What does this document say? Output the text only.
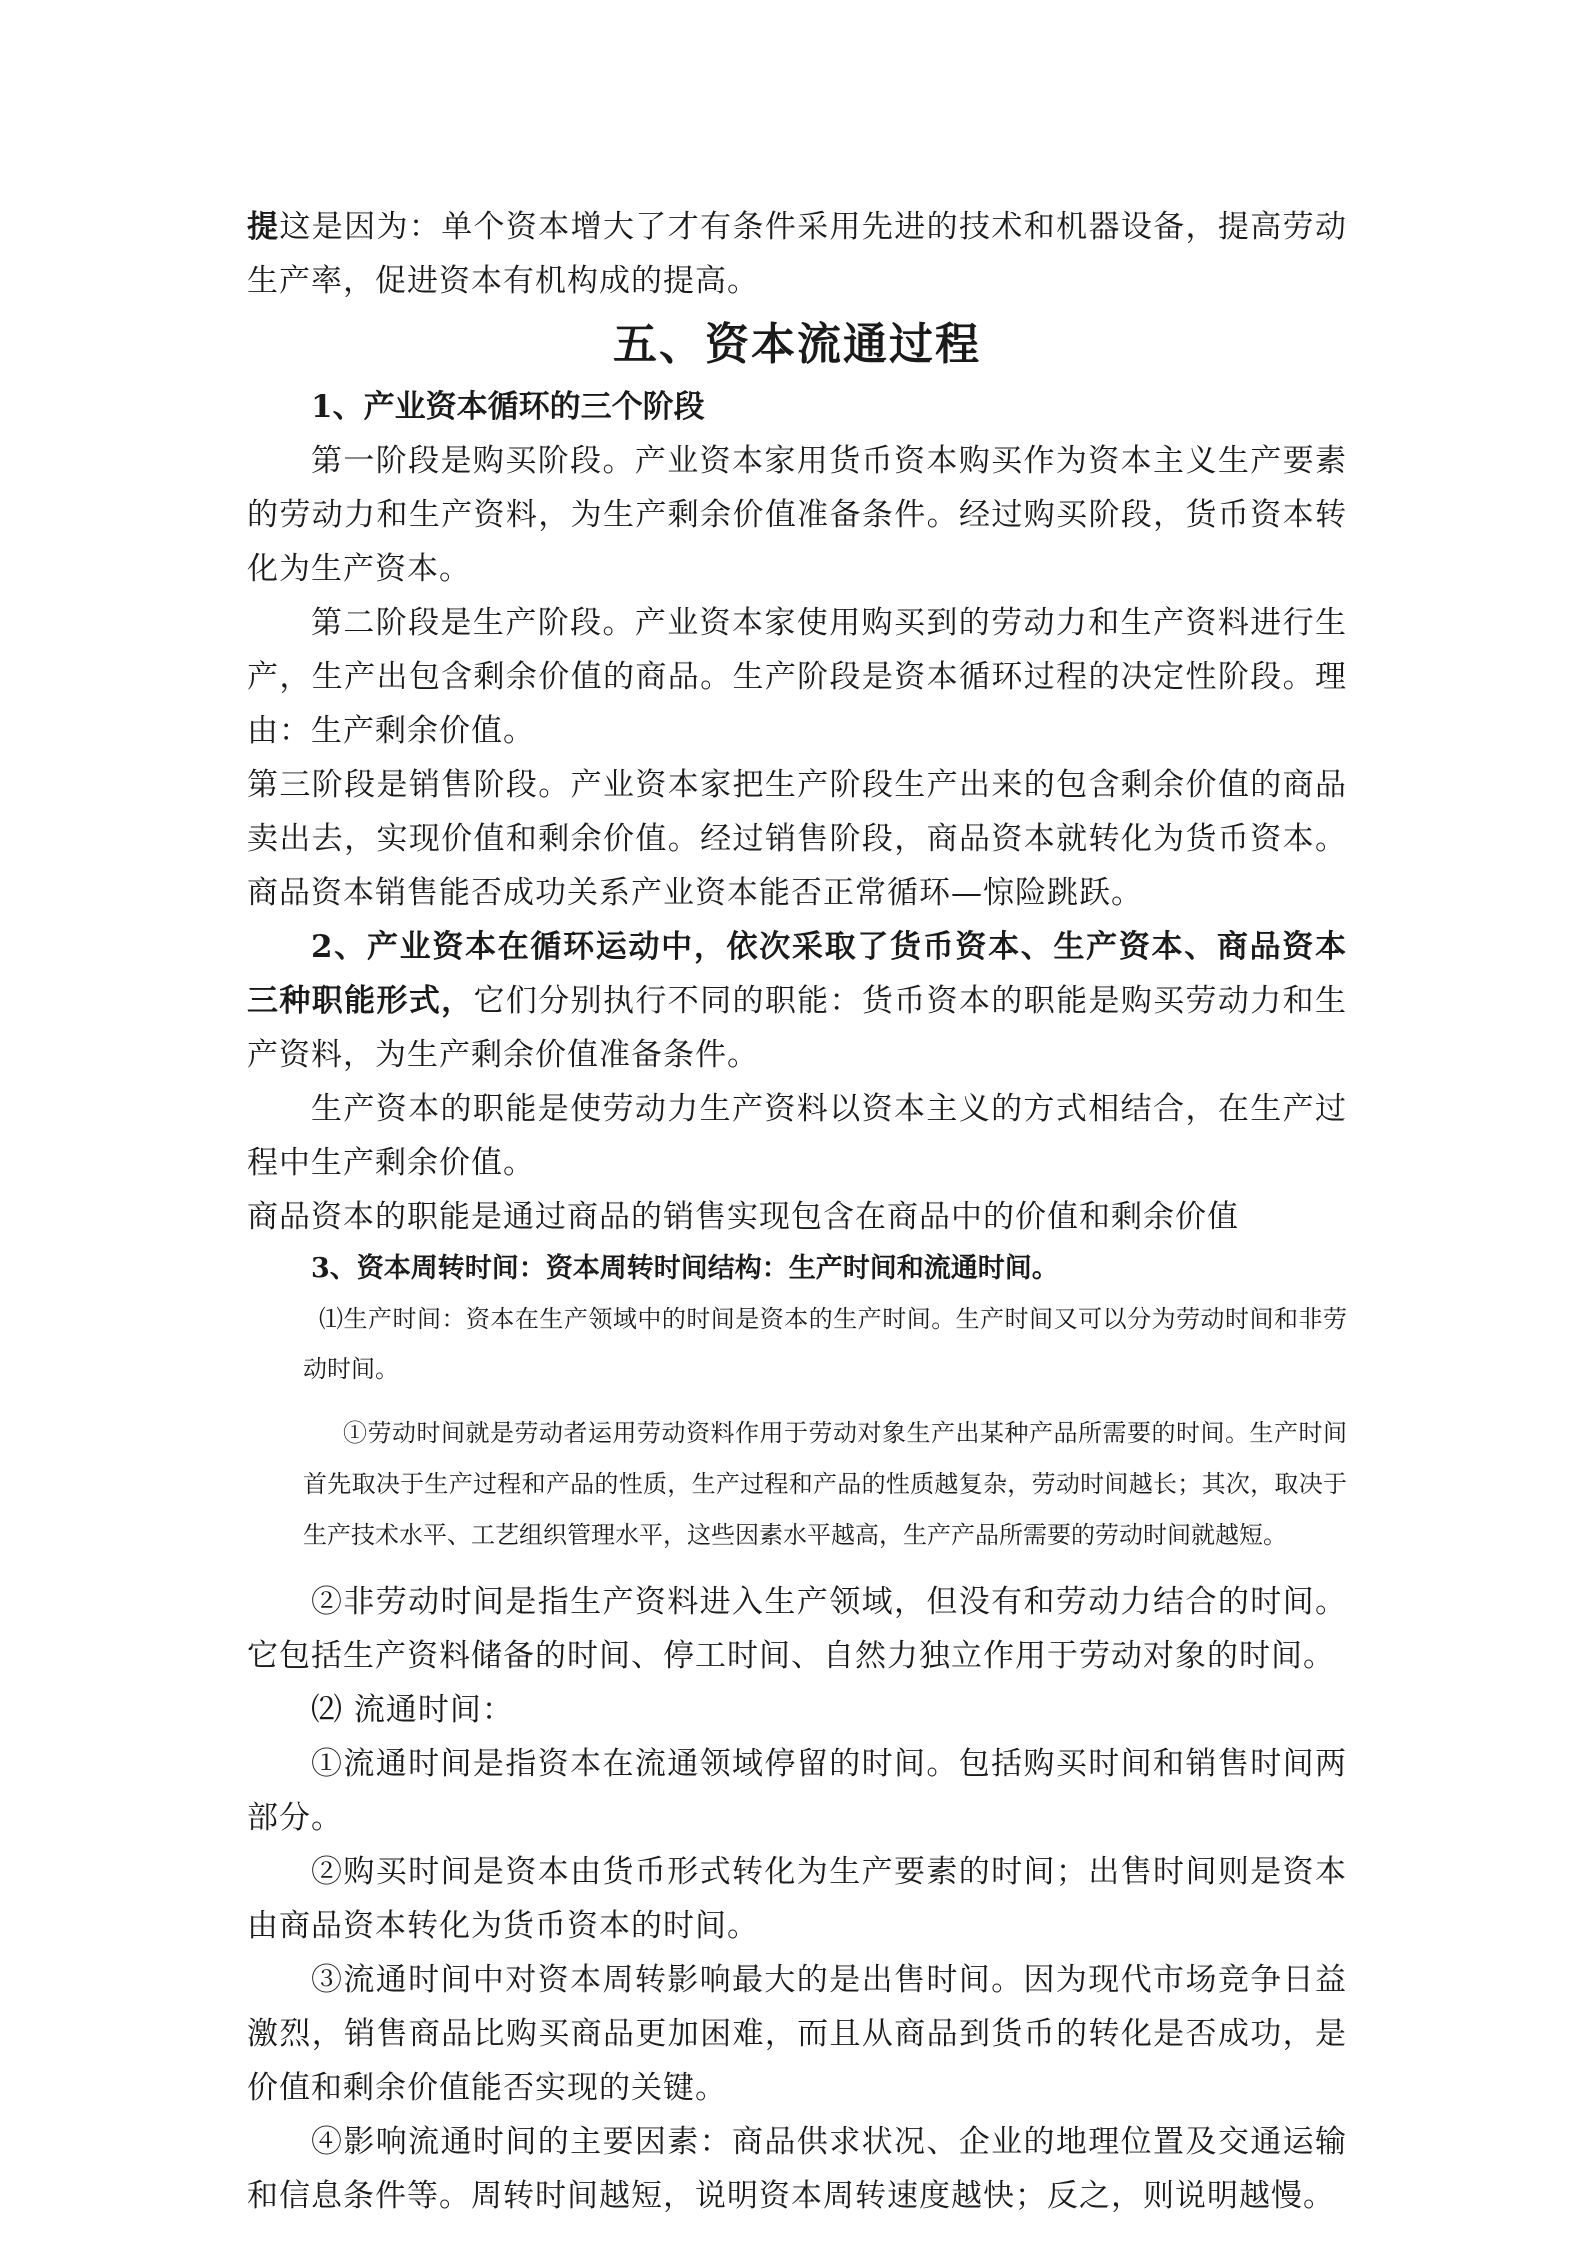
提这是因为：单个资本增大了才有条件采用先进的技术和机器设备，提高劳动生产率，促进资本有机构成的提高。

五、资本流通过程

1、产业资本循环的三个阶段

第一阶段是购买阶段。产业资本家用货币资本购买作为资本主义生产要素的劳动力和生产资料，为生产剩余价值准备条件。经过购买阶段，货币资本转化为生产资本。

第二阶段是生产阶段。产业资本家使用购买到的劳动力和生产资料进行生产，生产出包含剩余价值的商品。生产阶段是资本循环过程的决定性阶段。理由：生产剩余价值。

第三阶段是销售阶段。产业资本家把生产阶段生产出来的包含剩余价值的商品卖出去，实现价值和剩余价值。经过销售阶段，商品资本就转化为货币资本。商品资本销售能否成功关系产业资本能否正常循环—惊险跳跃。

2、产业资本在循环运动中，依次采取了货币资本、生产资本、商品资本三种职能形式，它们分别执行不同的职能：货币资本的职能是购买劳动力和生产资料，为生产剩余价值准备条件。

生产资本的职能是使劳动力生产资料以资本主义的方式相结合，在生产过程中生产剩余价值。

商品资本的职能是通过商品的销售实现包含在商品中的价值和剩余价值

3、资本周转时间：资本周转时间结构：生产时间和流通时间。

⑴生产时间：资本在生产领域中的时间是资本的生产时间。生产时间又可以分为劳动时间和非劳动时间。

①劳动时间就是劳动者运用劳动资料作用于劳动对象生产出某种产品所需要的时间。生产时间首先取决于生产过程和产品的性质，生产过程和产品的性质越复杂，劳动时间越长；其次，取决于生产技术水平、工艺组织管理水平，这些因素水平越高，生产产品所需要的劳动时间就越短。

②非劳动时间是指生产资料进入生产领域，但没有和劳动力结合的时间。它包括生产资料储备的时间、停工时间、自然力独立作用于劳动对象的时间。

⑵ 流通时间：

①流通时间是指资本在流通领域停留的时间。包括购买时间和销售时间两部分。

②购买时间是资本由货币形式转化为生产要素的时间；出售时间则是资本由商品资本转化为货币资本的时间。

③流通时间中对资本周转影响最大的是出售时间。因为现代市场竞争日益激烈，销售商品比购买商品更加困难，而且从商品到货币的转化是否成功，是价值和剩余价值能否实现的关键。

④影响流通时间的主要因素：商品供求状况、企业的地理位置及交通运输和信息条件等。周转时间越短，说明资本周转速度越快；反之，则说明越慢。
